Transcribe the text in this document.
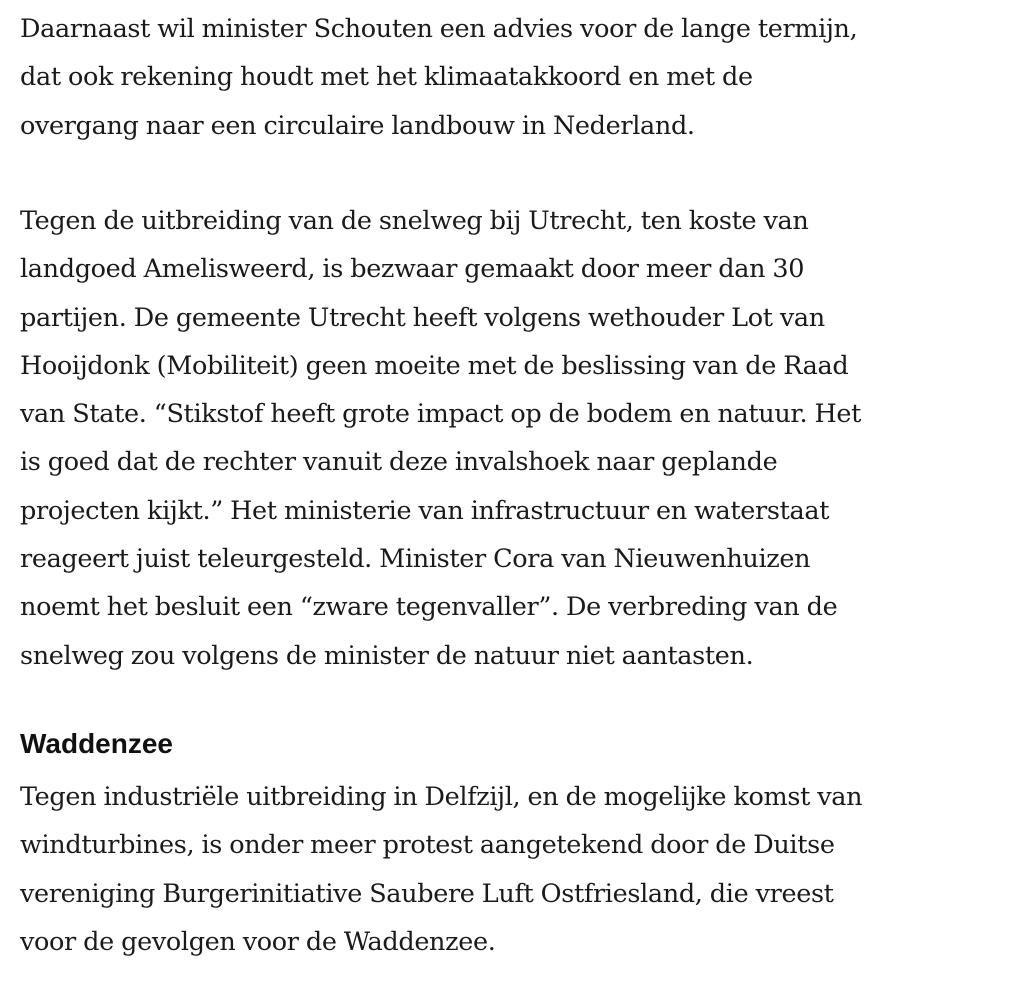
Daarnaast wil minister Schouten een advies voor de lange termijn,
dat ook rekening houdt met het klimaatakkoord en met de
overgang naar een circulaire landbouw in Nederland.

Tegen de uitbreiding van de snelweg bij Utrecht, ten koste van
landgoed Amelisweerd, is bezwaar gemaakt door meer dan 30
partijen. De gemeente Utrecht heeft volgens wethouder Lot van
Hooijdonk (Mobiliteit) geen moeite met de beslissing van de Raad
van State. “Stikstof heeft grote impact op de bodem en natuur. Het
is goed dat de rechter vanuit deze invalshoek naar geplande
projecten kijkt.” Het ministerie van infrastructuur en waterstaat
reageert juist teleurgesteld. Minister Cora van Nieuwenhuizen
noemt het besluit een “zware tegenvaller”. De verbreding van de
snelweg zou volgens de minister de natuur niet aantasten.

Waddenzee

Tegen industriële uitbreiding in Delfzijl, en de mogelijke komst van
windturbines, is onder meer protest aangetekend door de Duitse
vereniging Burgerinitiative Saubere Luft Ostfriesland, die vreest
voor de gevolgen voor de Waddenzee.
